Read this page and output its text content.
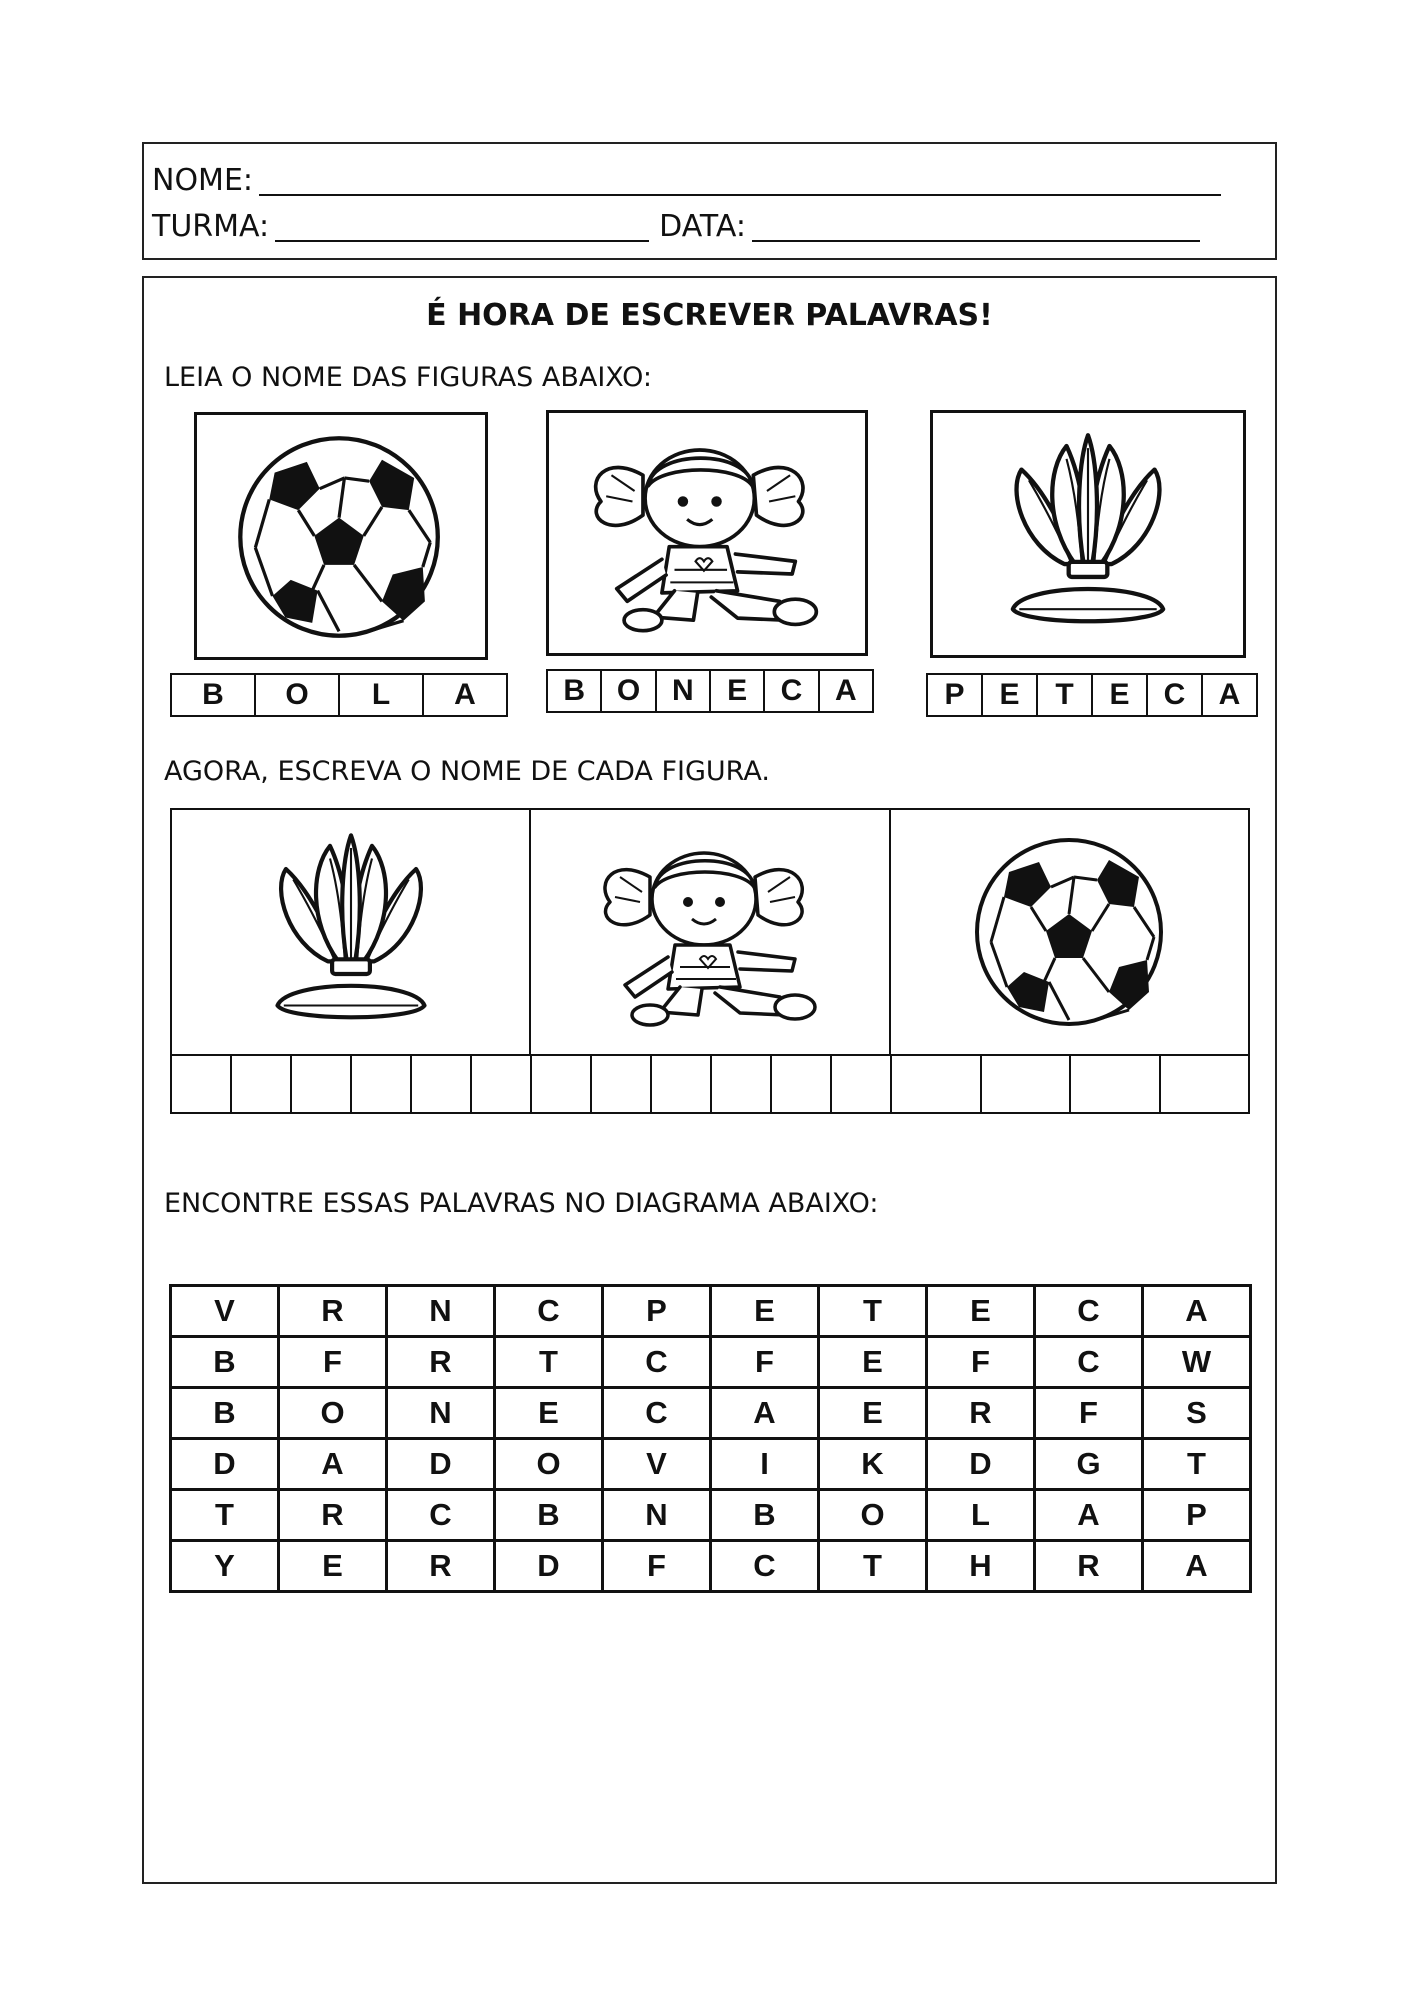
NOME:
TURMA:	DATA:
É HORA DE ESCREVER PALAVRAS!
LEIA O NOME DAS FIGURAS ABAIXO:
B	O	L	A	B	O	N	E	C	A	P	E	T	E	C	A
AGORA, ESCREVA O NOME DE CADA FIGURA.
ENCONTRE ESSAS PALAVRAS NO DIAGRAMA ABAIXO:
V	R	N	C	P	E	T	E	C	A
B	F	R	T	C	F	E	F	C	W
B	O	N	E	C	A	E	R	F	S
D	A	D	O	V	I	K	D	G	T
T	R	C	B	N	B	O	L	A	P
Y	E	R	D	F	C	T	H	R	A
